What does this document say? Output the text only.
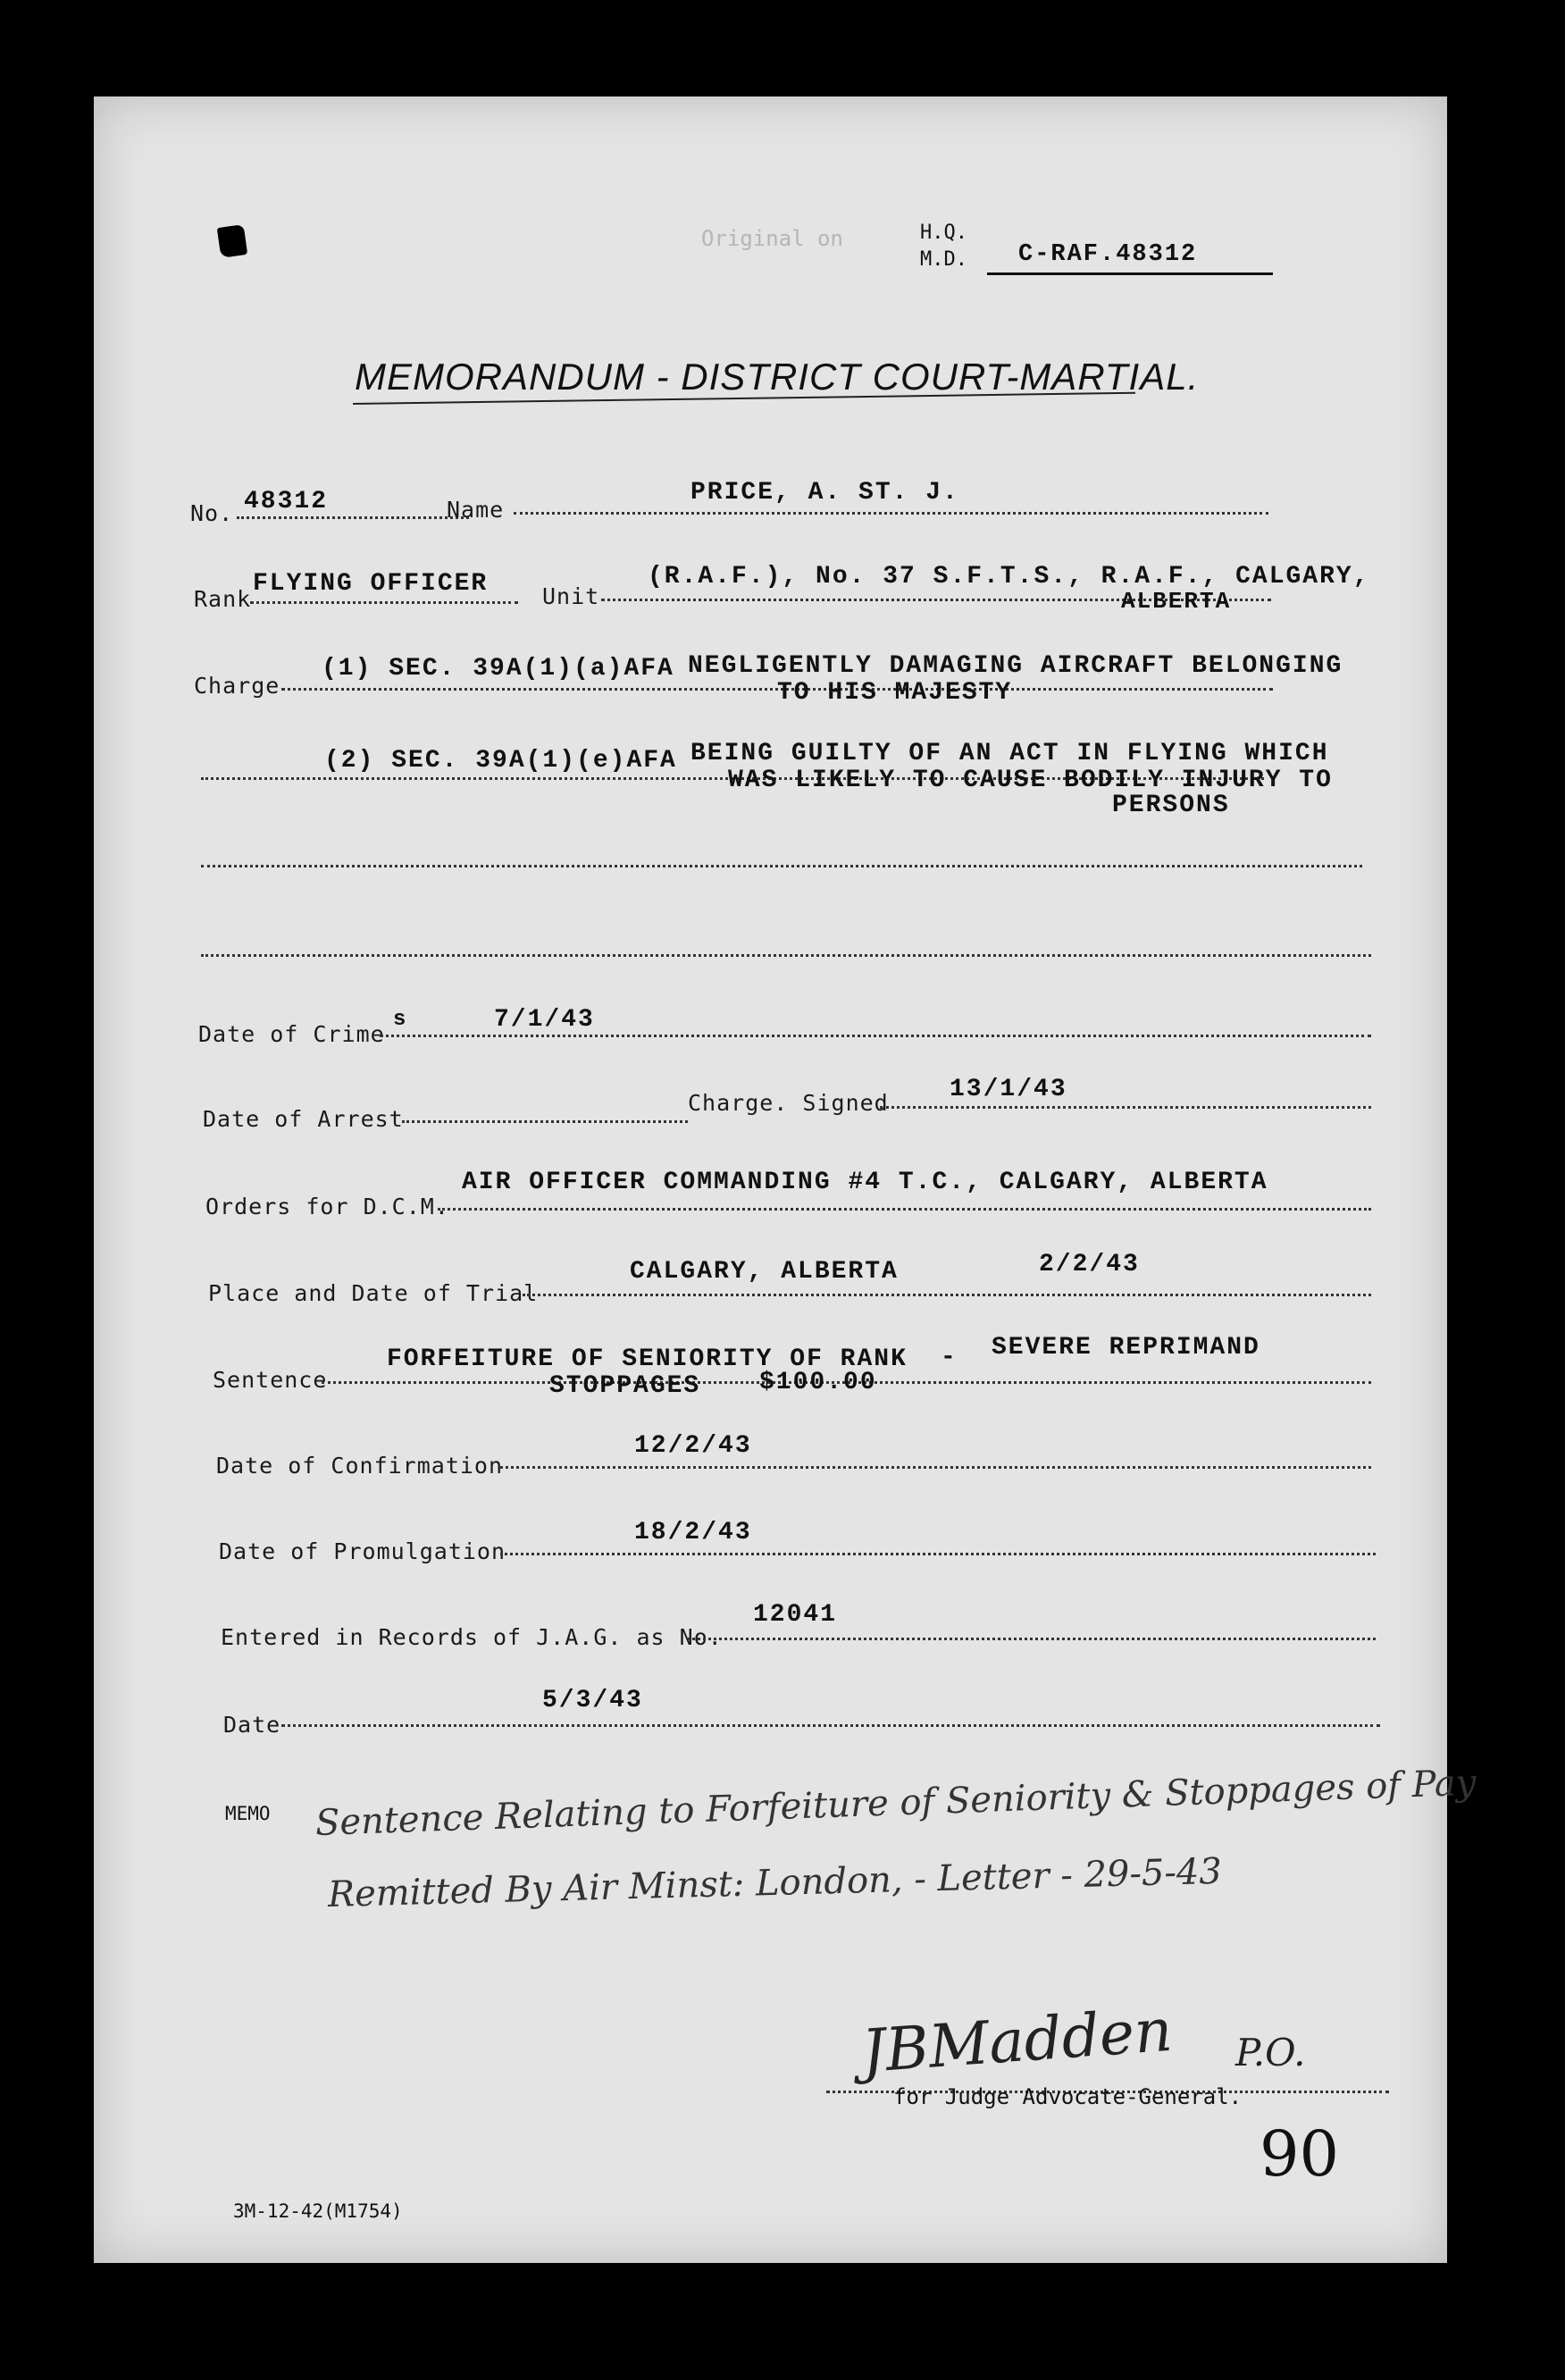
Original on	H.Q.
M.D. C-RAF.48312
MEMORANDUM - DISTRICT COURT-MARTIAL.
No. 48312	Name
PRICE, A. ST. J.
Rank
FLYING OFFICER Unit
(R.A.F.), No. 37 S.F.T.S., R.A.F., CALGARY,
ALBERTA
Charge
(1) SEC. 39A(1)(a)AFA NEGLIGENTLY DAMAGING AIRCRAFT BELONGING
TO HIS MAJESTY
(2) SEC. 39A(1)(e)AFA BEING GUILTY OF AN ACT IN FLYING WHICH
WAS LIKELY TO CAUSE BODILY INJURY TO
PERSONS
Date of Crime
s	7/1/43
Date of Arrest
Charge. Signed 13/1/43
Orders for D.C.M.
AIR OFFICER COMMANDING #4 T.C., CALGARY, ALBERTA
Place and Date of Trial
CALGARY, ALBERTA	2/2/43
Sentence
FORFEITURE OF SENIORITY OF RANK - SEVERE REPRIMAND
STOPPAGES $100.00
Date of Confirmation
12/2/43
Date of Promulgation
18/2/43
Entered in Records of J.A.G. as No.
12041
Date
5/3/43
MEMO Sentence Relating to Forfeiture of Seniority & Stoppages of Pay
Remitted By Air Minst: London, - Letter - 29-5-43
JBMadden P.O.
for Judge Advocate-General.
90
3M-12-42(M1754)
